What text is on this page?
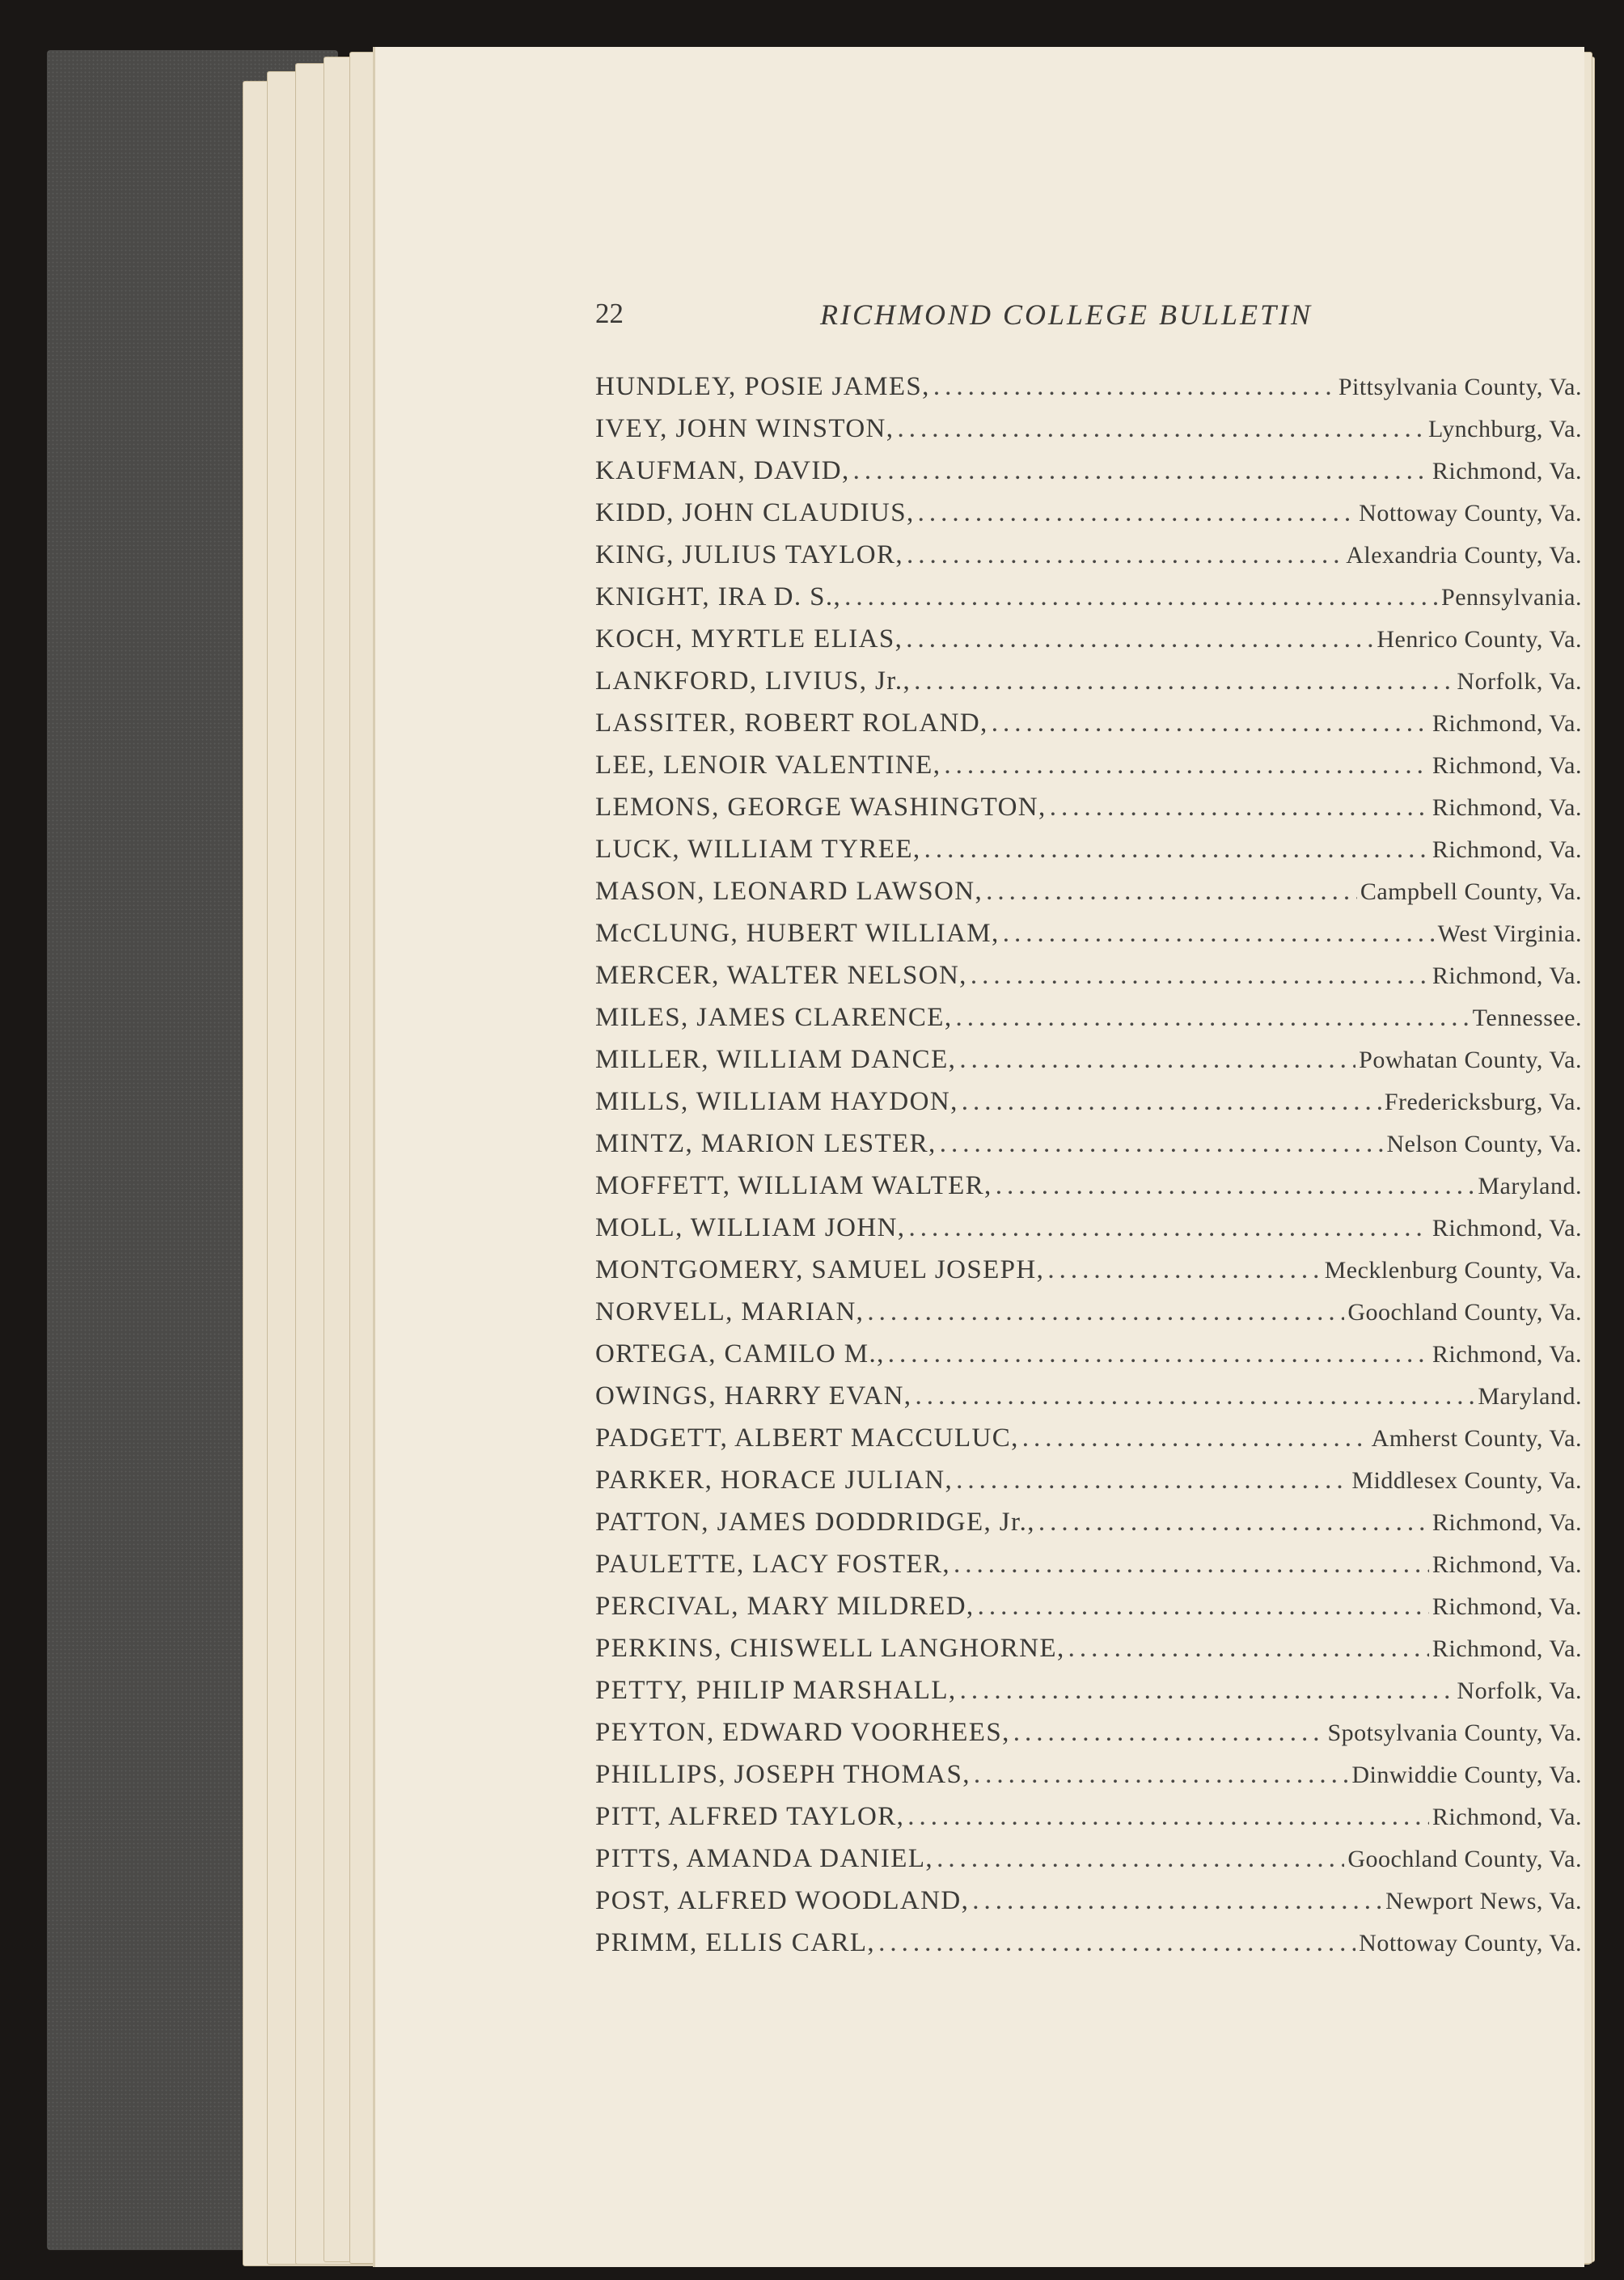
22	RICHMOND COLLEGE BULLETIN
HUNDLEY, POSIE JAMES, .....	Pittsylvania County, Va.
IVEY, JOHN WINSTON, .....	Lynchburg, Va.
KAUFMAN, DAVID, .....	Richmond, Va.
KIDD, JOHN CLAUDIUS, .....	Nottoway County, Va.
KING, JULIUS TAYLOR, .....	Alexandria County, Va.
KNIGHT, IRA D. S., .....	Pennsylvania.
KOCH, MYRTLE ELIAS, .....	Henrico County, Va.
LANKFORD, LIVIUS, Jr., .....	Norfolk, Va.
LASSITER, ROBERT ROLAND, .....	Richmond, Va.
LEE, LENOIR VALENTINE, .....	Richmond, Va.
LEMONS, GEORGE WASHINGTON, .....	Richmond, Va.
LUCK, WILLIAM TYREE, .....	Richmond, Va.
MASON, LEONARD LAWSON, .....	Campbell County, Va.
McCLUNG, HUBERT WILLIAM, .....	West Virginia.
MERCER, WALTER NELSON, .....	Richmond, Va.
MILES, JAMES CLARENCE, .....	Tennessee.
MILLER, WILLIAM DANCE, .....	Powhatan County, Va.
MILLS, WILLIAM HAYDON, .....	Fredericksburg, Va.
MINTZ, MARION LESTER, .....	Nelson County, Va.
MOFFETT, WILLIAM WALTER, .....	Maryland.
MOLL, WILLIAM JOHN, .....	Richmond, Va.
MONTGOMERY, SAMUEL JOSEPH, .....	Mecklenburg County, Va.
NORVELL, MARIAN, .....	Goochland County, Va.
ORTEGA, CAMILO M., .....	Richmond, Va.
OWINGS, HARRY EVAN, .....	Maryland.
PADGETT, ALBERT MACCULUC, .....	Amherst County, Va.
PARKER, HORACE JULIAN, .....	Middlesex County, Va.
PATTON, JAMES DODDRIDGE, Jr., .....	Richmond, Va.
PAULETTE, LACY FOSTER, .....	Richmond, Va.
PERCIVAL, MARY MILDRED, .....	Richmond, Va.
PERKINS, CHISWELL LANGHORNE, .....	Richmond, Va.
PETTY, PHILIP MARSHALL, .....	Norfolk, Va.
PEYTON, EDWARD VOORHEES, .....	Spotsylvania County, Va.
PHILLIPS, JOSEPH THOMAS, .....	Dinwiddie County, Va.
PITT, ALFRED TAYLOR, .....	Richmond, Va.
PITTS, AMANDA DANIEL, .....	Goochland County, Va.
POST, ALFRED WOODLAND, .....	Newport News, Va.
PRIMM, ELLIS CARL, .....	Nottoway County, Va.
